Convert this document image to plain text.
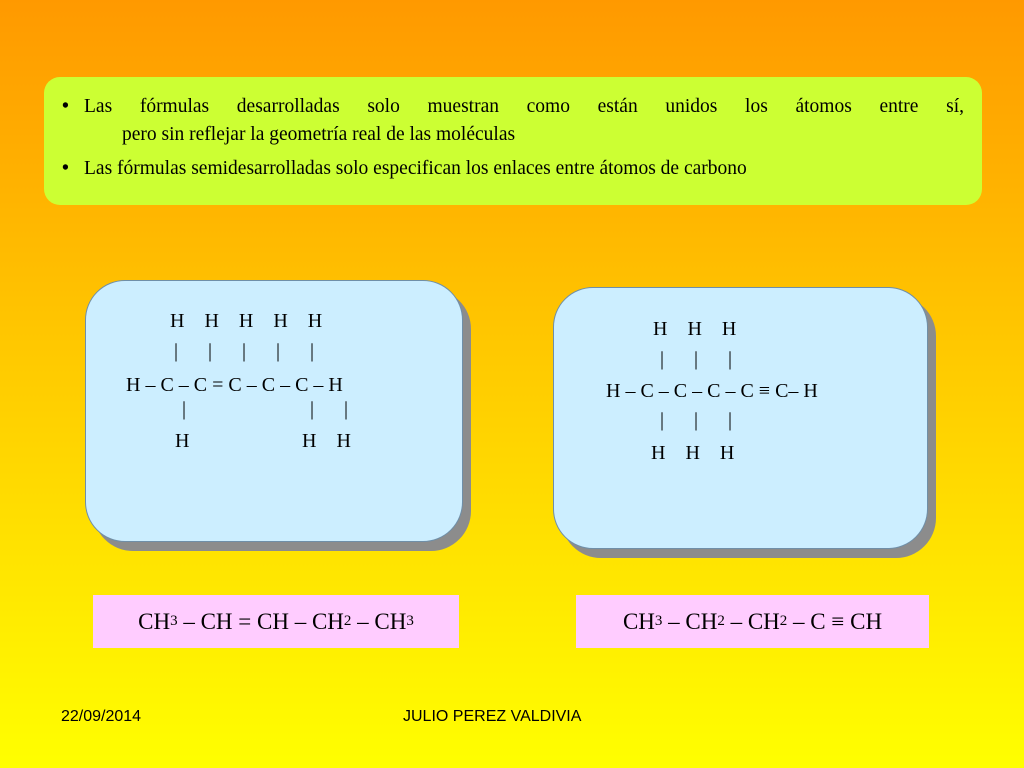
• Las fórmulas desarrolladas solo muestran como están unidos los átomos entre sí,
pero sin reflejar la geometría real de las moléculas

• Las fórmulas semidesarrolladas solo especifican los enlaces entre átomos de carbono

H    H    H    H    H

|      |      |      |      |

H – C – C = C – C – C – H

|

	|      |

H

	H    H

H    H    H

|      |      |

H – C – C – C – C ≡ C– H

|      |      |

H    H    H

CH 3 – CH = CH – CH 2 – CH 3	CH 3 – CH 2 – CH 2 – C ≡ CH
22/09/2014	JULIO PEREZ VALDIVIA
